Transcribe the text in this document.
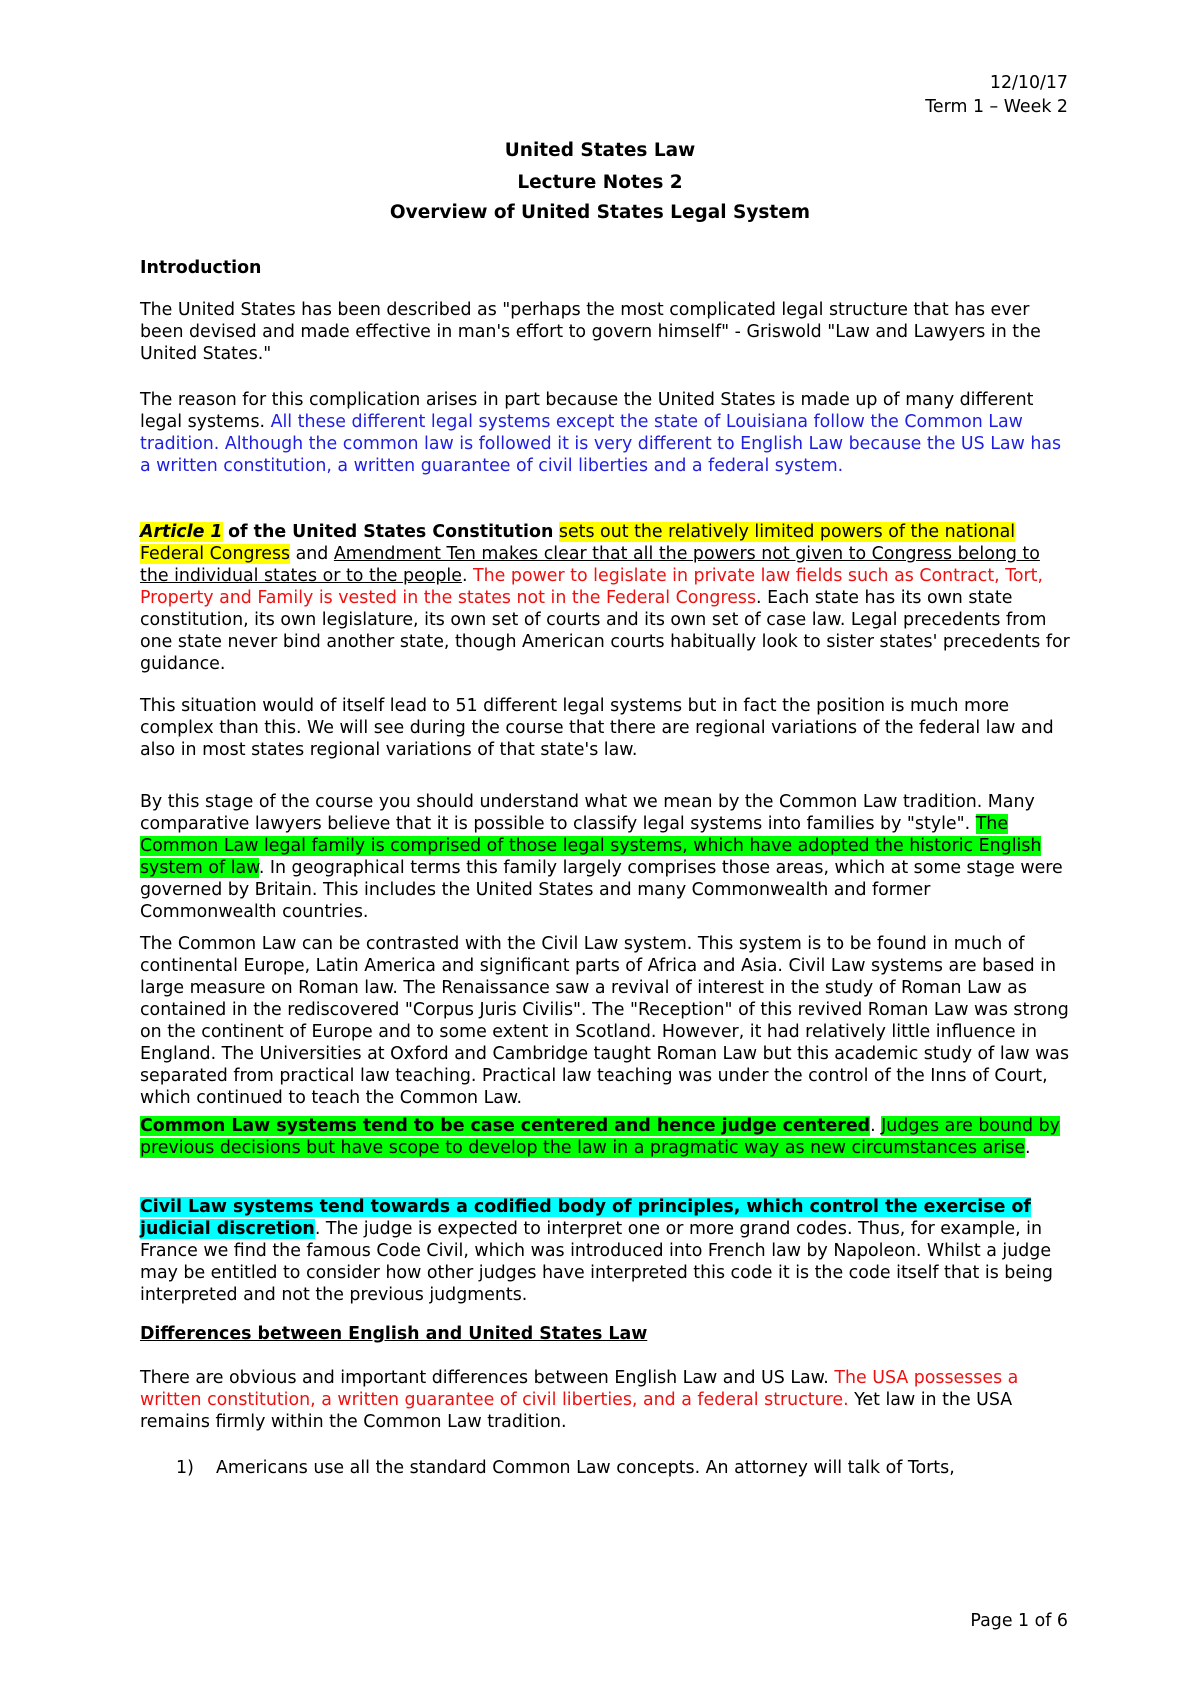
12/10/17
Term 1 – Week 2
United States Law
Lecture Notes 2
Overview of United States Legal System
Introduction

The United States has been described as "perhaps the most complicated legal structure that has ever been devised and made effective in man's effort to govern himself" - Griswold "Law and Lawyers in the United States."

The reason for this complication arises in part because the United States is made up of many different legal systems. All these different legal systems except the state of Louisiana follow the Common Law tradition. Although the common law is followed it is very different to English Law because the US Law has a written constitution, a written guarantee of civil liberties and a federal system.

Article 1 of the United States Constitution sets out the relatively limited powers of the national Federal Congress and Amendment Ten makes clear that all the powers not given to Congress belong to the individual states or to the people. The power to legislate in private law fields such as Contract, Tort, Property and Family is vested in the states not in the Federal Congress. Each state has its own state constitution, its own legislature, its own set of courts and its own set of case law. Legal precedents from one state never bind another state, though American courts habitually look to sister states' precedents for guidance.

This situation would of itself lead to 51 different legal systems but in fact the position is much more complex than this. We will see during the course that there are regional variations of the federal law and also in most states regional variations of that state's law.

By this stage of the course you should understand what we mean by the Common Law tradition. Many comparative lawyers believe that it is possible to classify legal systems into families by "style". The Common Law legal family is comprised of those legal systems, which have adopted the historic English system of law. In geographical terms this family largely comprises those areas, which at some stage were governed by Britain. This includes the United States and many Commonwealth and former Commonwealth countries.

The Common Law can be contrasted with the Civil Law system. This system is to be found in much of continental Europe, Latin America and significant parts of Africa and Asia. Civil Law systems are based in large measure on Roman law. The Renaissance saw a revival of interest in the study of Roman Law as contained in the rediscovered "Corpus Juris Civilis". The "Reception" of this revived Roman Law was strong on the continent of Europe and to some extent in Scotland. However, it had relatively little influence in England. The Universities at Oxford and Cambridge taught Roman Law but this academic study of law was separated from practical law teaching. Practical law teaching was under the control of the Inns of Court, which continued to teach the Common Law.

Common Law systems tend to be case centered and hence judge centered. Judges are bound by previous decisions but have scope to develop the law in a pragmatic way as new circumstances arise.

Civil Law systems tend towards a codified body of principles, which control the exercise of judicial discretion. The judge is expected to interpret one or more grand codes. Thus, for example, in France we find the famous Code Civil, which was introduced into French law by Napoleon. Whilst a judge may be entitled to consider how other judges have interpreted this code it is the code itself that is being interpreted and not the previous judgments.

Differences between English and United States Law

There are obvious and important differences between English Law and US Law. The USA possesses a written constitution, a written guarantee of civil liberties, and a federal structure. Yet law in the USA remains firmly within the Common Law tradition.

1) Americans use all the standard Common Law concepts. An attorney will talk of Torts,
Page 1 of 6
